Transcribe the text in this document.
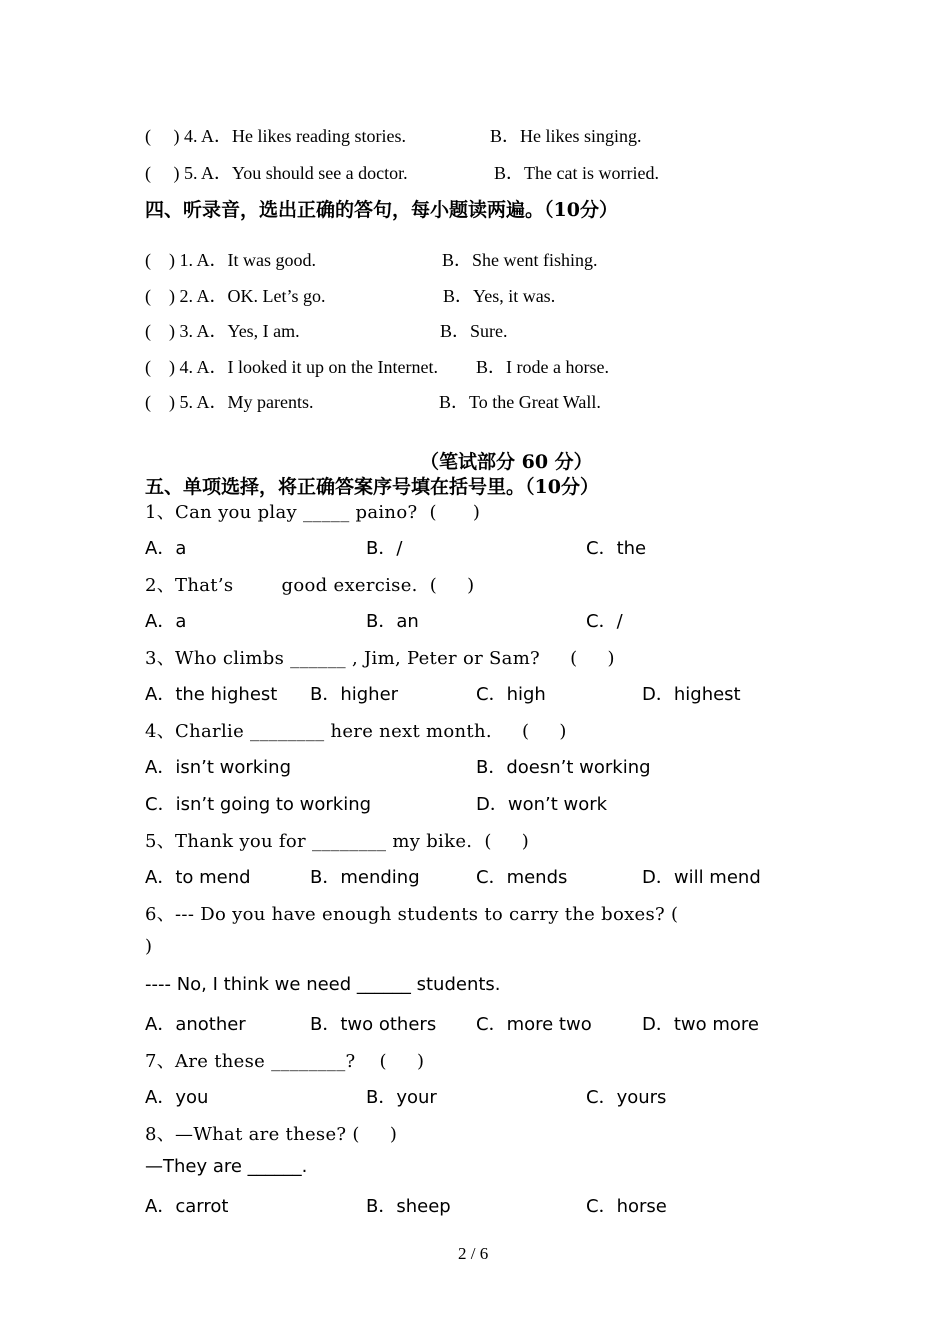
(     ) 4. A．He likes reading stories.	B．He likes singing.
(     ) 5. A．You should see a doctor.	B．The cat is worried.
四、听录音，选出正确的答句，每小题读两遍。（10分）
(    ) 1. A．It was good.	B．She went fishing.
(    ) 2. A．OK. Let’s go.	B．Yes, it was.
(    ) 3. A．Yes, I am.	B．Sure.
(    ) 4. A．I looked it up on the Internet. B．I rode a horse.
(    ) 5. A．My parents.	B．To the Great Wall.
（笔试部分 60 分）
五、单项选择，将正确答案序号填在括号里。（10分）
1、Can you play _____ paino?  (      )
A．a	B．/	C．the
2、That’s        good exercise.  (     )
A．a	B．an	C．/
3、Who climbs ______ , Jim, Peter or Sam?     (     )
A．the highest B．higher	C．high	D．highest
4、Charlie ________ here next month.     (     )
A．isn’t working	B．doesn’t working
C．isn’t going to working	D．won’t work
5、Thank you for ________ my bike.  (     )
A．to mend	B．mending	C．mends	D．will mend
6、--- Do you have enough students to carry the boxes? (
)
---- No, I think we need ______ students.
A．another	B．two others C．more two	D．two more
7、Are these ________?    (     )
A．you	B．your	C．yours
8、—What are these? (     )
—They are ______.
A．carrot	B．sheep	C．horse
2 / 6
